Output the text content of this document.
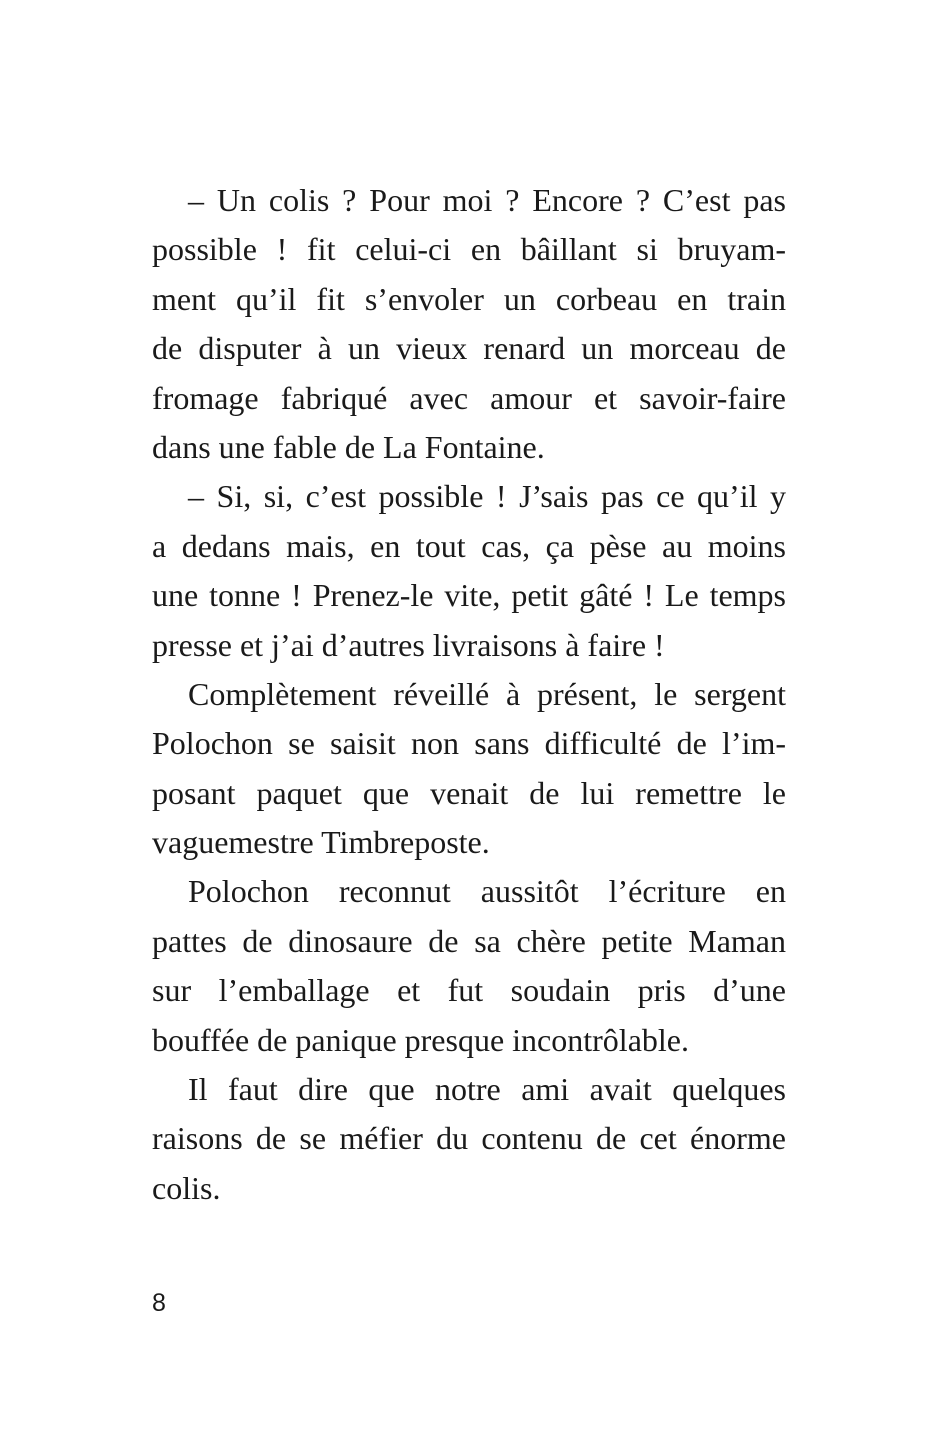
– Un colis ? Pour moi ? Encore ? C’est pas
possible ! fit celui-ci en bâillant si bruyam-
ment qu’il fit s’envoler un corbeau en train
de disputer à un vieux renard un morceau de
fromage fabriqué avec amour et savoir-faire
dans une fable de La Fontaine.
– Si, si, c’est possible ! J’sais pas ce qu’il y
a dedans mais, en tout cas, ça pèse au moins
une tonne ! Prenez-le vite, petit gâté ! Le temps
presse et j’ai d’autres livraisons à faire !
Complètement réveillé à présent, le sergent
Polochon se saisit non sans difficulté de l’im-
posant paquet que venait de lui remettre le
vaguemestre Timbreposte.
Polochon reconnut aussitôt l’écriture en
pattes de dinosaure de sa chère petite Maman
sur l’emballage et fut soudain pris d’une
bouffée de panique presque incontrôlable.
Il faut dire que notre ami avait quelques
raisons de se méfier du contenu de cet énorme
colis.
8
